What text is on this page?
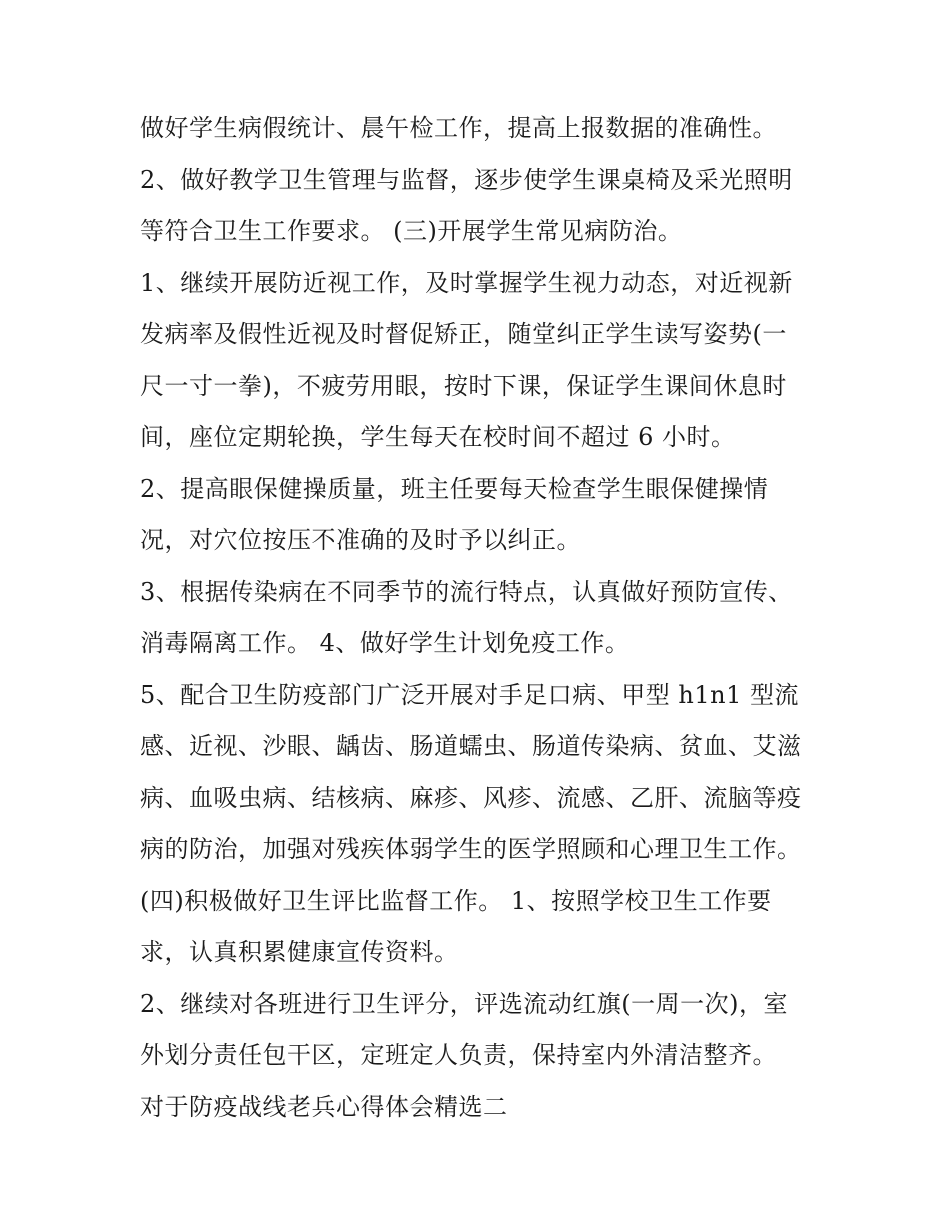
做好学生病假统计、晨午检工作，提高上报数据的准确性。
2、做好教学卫生管理与监督，逐步使学生课桌椅及采光照明
等符合卫生工作要求。 (三)开展学生常见病防治。
1、继续开展防近视工作，及时掌握学生视力动态，对近视新
发病率及假性近视及时督促矫正，随堂纠正学生读写姿势(一
尺一寸一拳)，不疲劳用眼，按时下课，保证学生课间休息时
间，座位定期轮换，学生每天在校时间不超过 6 小时。
2、提高眼保健操质量，班主任要每天检查学生眼保健操情
况，对穴位按压不准确的及时予以纠正。
3、根据传染病在不同季节的流行特点，认真做好预防宣传、
消毒隔离工作。 4、做好学生计划免疫工作。
5、配合卫生防疫部门广泛开展对手足口病、甲型 h1n1 型流
感、近视、沙眼、龋齿、肠道蠕虫、肠道传染病、贫血、艾滋
病、血吸虫病、结核病、麻疹、风疹、流感、乙肝、流脑等疫
病的防治，加强对残疾体弱学生的医学照顾和心理卫生工作。
(四)积极做好卫生评比监督工作。 1、按照学校卫生工作要
求，认真积累健康宣传资料。
2、继续对各班进行卫生评分，评选流动红旗(一周一次)，室
外划分责任包干区，定班定人负责，保持室内外清洁整齐。
对于防疫战线老兵心得体会精选二
